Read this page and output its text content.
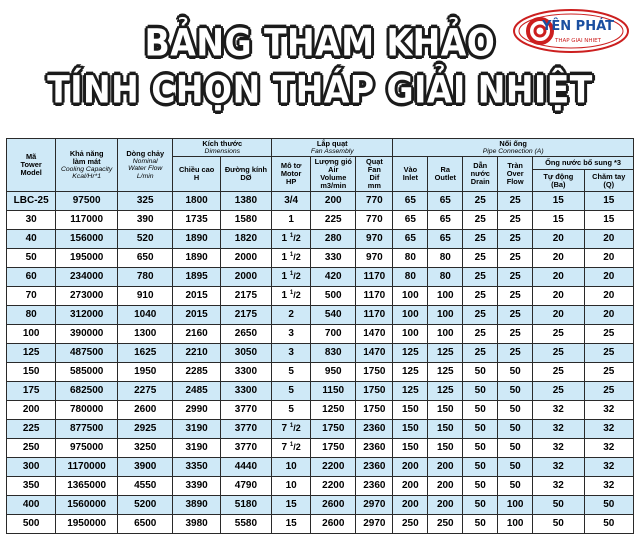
YÊN PHÁT
THAP GIAI NHIET
BẢNG THAM KHẢO
TÍNH CHỌN THÁP GIẢI NHIỆT
Mã
Tower
Model	Khả năng
làm mát
Cooling Capacity
Kcal/Hr*1	Dòng chảy
Nominal
Water Flow
L/min	Kích thước
Dimensions		Lắp quạt
Fan Assembly			Nối ống
Pipe Connection (A)					

			Chiều cao
H	Đường kính
DØ	Mô tơ
Motor
HP	Lượng gió
Air
Volume
m3/min	Quạt
Fan
Dif
mm	Vào
Inlet	Ra
Outlet	Dẫn
nước
Drain	Tràn
Over
Flow	Ống nước bổ sung *3	
												Tự động
(Ba)	Chăm tay
(Q)
LBC-25	97500	325	1800	1380	3/4	200	770	65	65	25	25	15	15
30	117000	390	1735	1580	1	225	770	65	65	25	25	15	15
40	156000	520	1890	1820	1 $^1$/2	280	970	65	65	25	25	20	20
50	195000	650	1890	2000	1 $^1$/2	330	970	80	80	25	25	20	20
60	234000	780	1895	2000	1 $^1$/2	420	1170	80	80	25	25	20	20
70	273000	910	2015	2175	1 $^1$/2	500	1170	100	100	25	25	20	20
80	312000	1040	2015	2175	2	540	1170	100	100	25	25	20	20
100	390000	1300	2160	2650	3	700	1470	100	100	25	25	25	25
125	487500	1625	2210	3050	3	830	1470	125	125	25	25	25	25
150	585000	1950	2285	3300	5	950	1750	125	125	50	50	25	25
175	682500	2275	2485	3300	5	1150	1750	125	125	50	50	25	25
200	780000	2600	2990	3770	5	1250	1750	150	150	50	50	32	32
225	877500	2925	3190	3770	7 $^1$/2	1750	2360	150	150	50	50	32	32
250	975000	3250	3190	3770	7 $^1$/2	1750	2360	150	150	50	50	32	32
300	1170000	3900	3350	4440	10	2200	2360	200	200	50	50	32	32
350	1365000	4550	3390	4790	10	2200	2360	200	200	50	50	32	32
400	1560000	5200	3890	5180	15	2600	2970	200	200	50	100	50	50
500	1950000	6500	3980	5580	15	2600	2970	250	250	50	100	50	50
